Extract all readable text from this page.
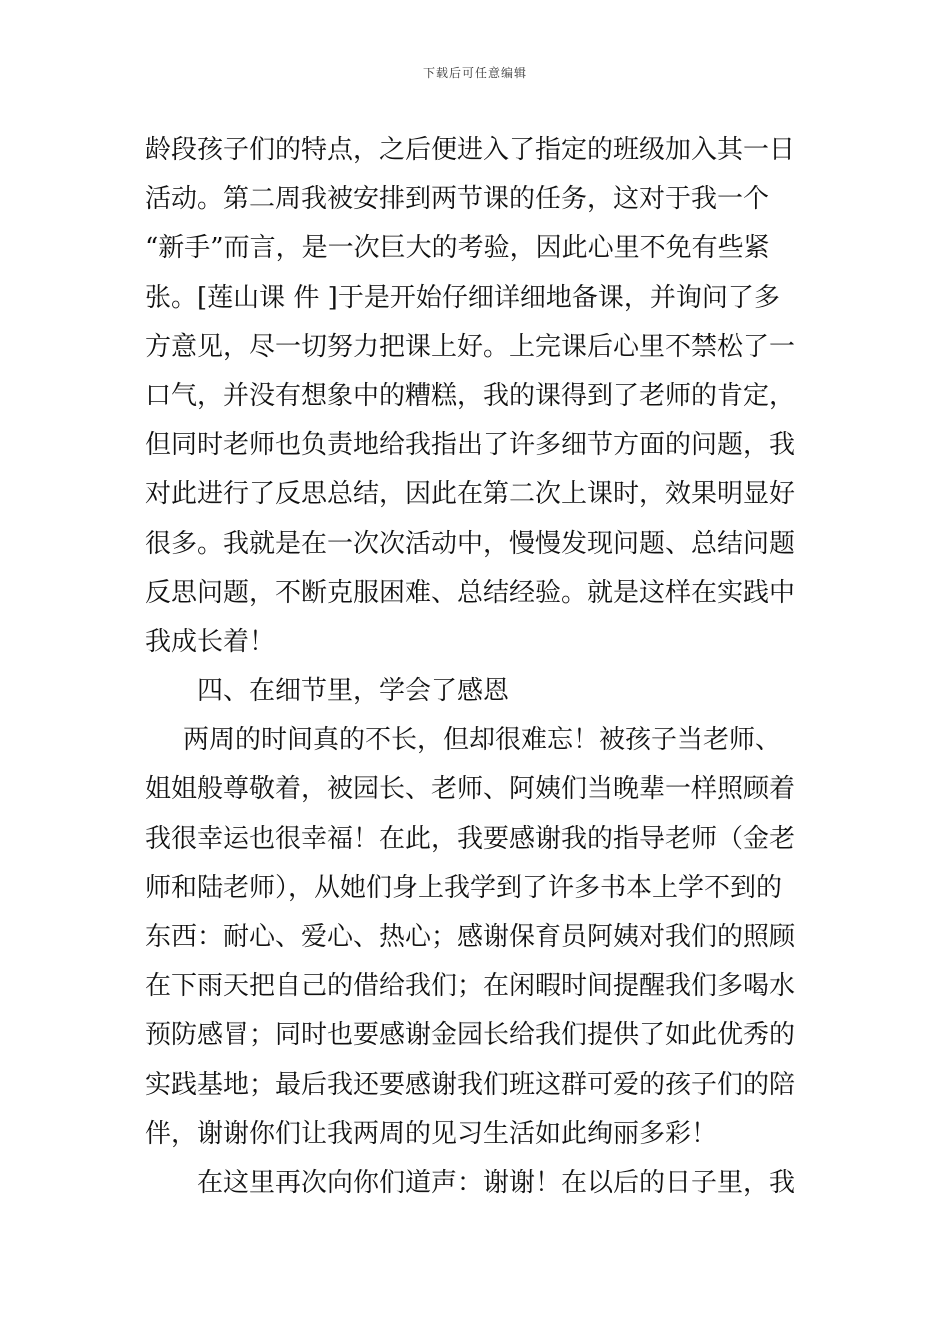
下载后可任意编辑
龄段孩子们的特点，之后便进入了指定的班级加入其一日
活动。第二周我被安排到两节课的任务，这对于我一个
“新手”而言，是一次巨大的考验，因此心里不免有些紧
张。[莲山课 件 ]于是开始仔细详细地备课，并询问了多
方意见，尽一切努力把课上好。上完课后心里不禁松了一
口气，并没有想象中的糟糕，我的课得到了老师的肯定，
但同时老师也负责地给我指出了许多细节方面的问题，我
对此进行了反思总结，因此在第二次上课时，效果明显好
很多。我就是在一次次活动中，慢慢发现问题、总结问题
反思问题，不断克服困难、总结经验。就是这样在实践中
我成长着！
四、在细节里，学会了感恩
两周的时间真的不长，但却很难忘！被孩子当老师、
姐姐般尊敬着，被园长、老师、阿姨们当晚辈一样照顾着
我很幸运也很幸福！在此，我要感谢我的指导老师（金老
师和陆老师），从她们身上我学到了许多书本上学不到的
东西：耐心、爱心、热心；感谢保育员阿姨对我们的照顾
在下雨天把自己的借给我们；在闲暇时间提醒我们多喝水
预防感冒；同时也要感谢金园长给我们提供了如此优秀的
实践基地；最后我还要感谢我们班这群可爱的孩子们的陪
伴，谢谢你们让我两周的见习生活如此绚丽多彩！
在这里再次向你们道声：谢谢！在以后的日子里，我
